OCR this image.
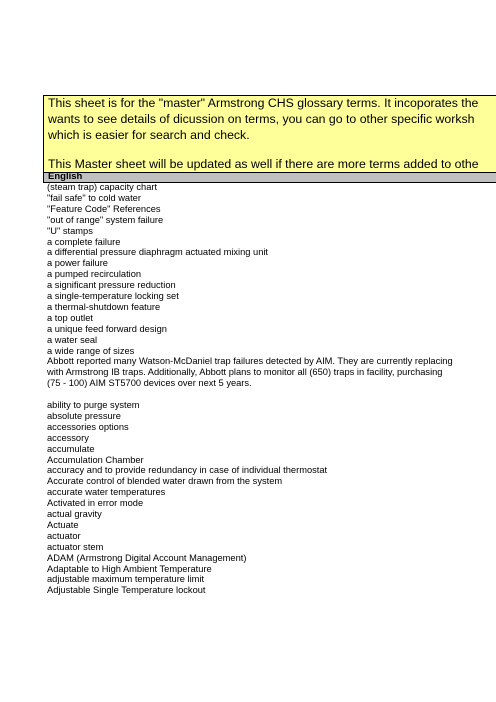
This sheet is for the "master" Armstrong CHS glossary terms. It incoporates the
wants to see details of dicussion on terms, you can go to other specific worksh
which is easier for search and check.
This Master sheet will be updated as well if there are more terms added to othe
English
(steam trap) capacity chart
"fail safe" to cold water
"Feature Code" References
"out of range" system failure
"U" stamps
a complete failure
a differential pressure diaphragm actuated mixing unit
a power failure
a pumped recirculation
a significant pressure reduction
a single-temperature locking set
a thermal-shutdown feature
a top outlet
a unique feed forward design
a water seal
a wide range of sizes
Abbott reported many Watson-McDaniel trap failures detected by AIM. They are currently replacing
with Armstrong IB traps. Additionally, Abbott plans to monitor all (650) traps in facility, purchasing
(75 - 100) AIM ST5700 devices over next 5 years.
ability to purge system
absolute pressure
accessories options
accessory
accumulate
Accumulation Chamber
accuracy and to provide redundancy in case of individual thermostat
Accurate control of blended water drawn from the system
accurate water temperatures
Activated in error mode
actual gravity
Actuate
actuator
actuator stem
ADAM (Armstrong Digital Account Management)
Adaptable to High Ambient Temperature
adjustable maximum temperature limit
Adjustable Single Temperature lockout
